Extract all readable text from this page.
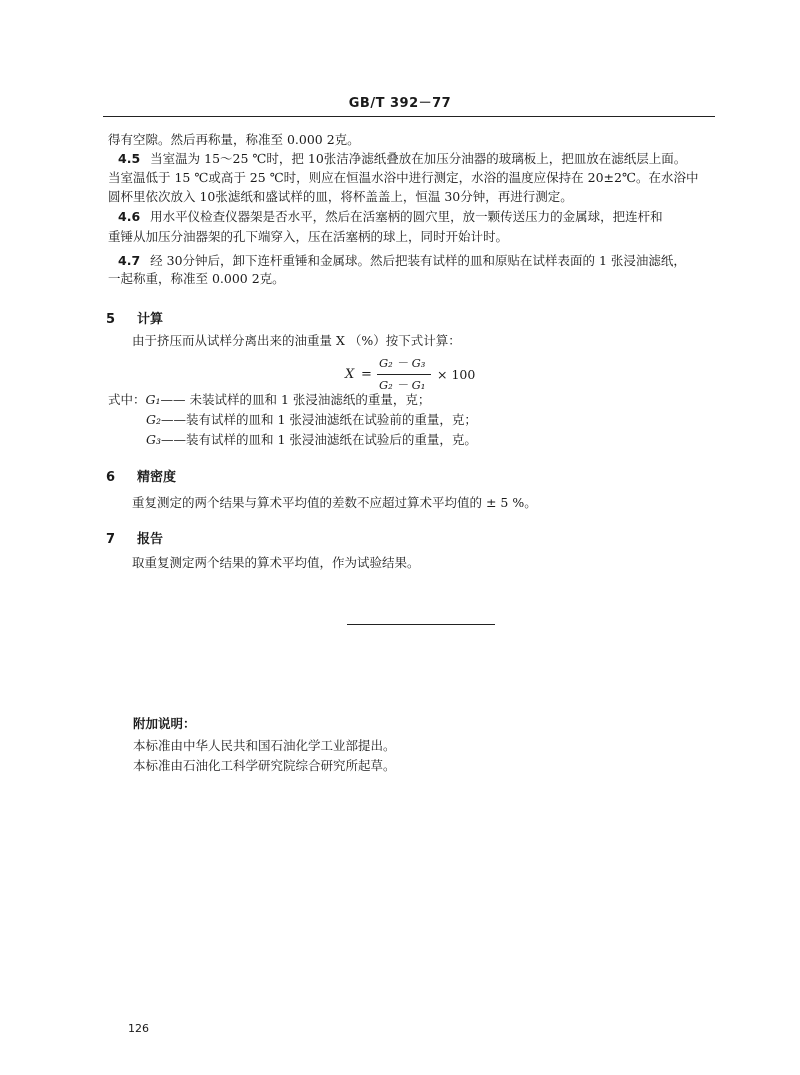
GB/T 392－77
得有空隙。然后再称量，称准至 0.000 2克。
4.5 当室温为 15～25 ℃时，把 10张洁净滤纸叠放在加压分油器的玻璃板上，把皿放在滤纸层上面。
当室温低于 15 ℃或高于 25 ℃时，则应在恒温水浴中进行测定，水浴的温度应保持在 20±2℃。在水浴中
圆杯里依次放入 10张滤纸和盛试样的皿，将杯盖盖上，恒温 30分钟，再进行测定。
4.6 用水平仪检查仪器架是否水平，然后在活塞柄的圆穴里，放一颗传送压力的金属球，把连杆和
重锤从加压分油器架的孔下端穿入，压在活塞柄的球上，同时开始计时。
4.7 经 30分钟后，卸下连杆重锤和金属球。然后把装有试样的皿和原贴在试样表面的 1 张浸油滤纸，
一起称重，称准至 0.000 2克。
5 计算
由于挤压而从试样分离出来的油重量 X （%）按下式计算：
X =
G₂ － G₃
G₂ － G₁
× 100
式中：G₁—— 未装试样的皿和 1 张浸油滤纸的重量，克；
G₂——装有试样的皿和 1 张浸油滤纸在试验前的重量，克；
G₃——装有试样的皿和 1 张浸油滤纸在试验后的重量，克。
6 精密度
重复测定的两个结果与算术平均值的差数不应超过算术平均值的 ± 5 %。
7 报告
取重复测定两个结果的算术平均值，作为试验结果。
附加说明：
本标准由中华人民共和国石油化学工业部提出。
本标准由石油化工科学研究院综合研究所起草。
126
